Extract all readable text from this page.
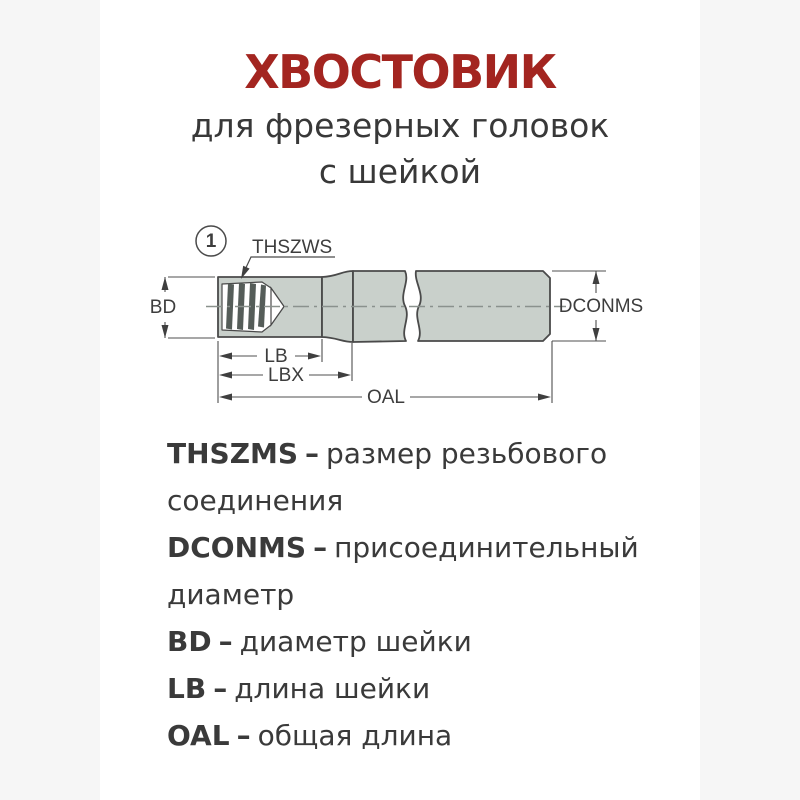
ХВОСТОВИК

для фрезерных головок

с шейкой

1 THSZWS
BD	DCONMS
LB
LBX
OAL

THSZMS – размер резьбового соединения

DCONMS – присоединительный диаметр

BD – диаметр шейки

LB – длина шейки

OAL – общая длина
